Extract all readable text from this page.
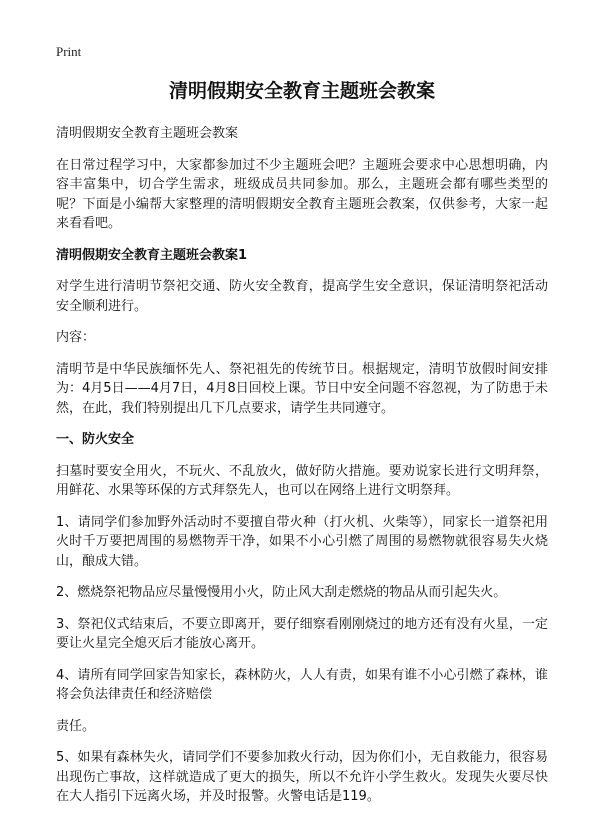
Print
清明假期安全教育主题班会教案

清明假期安全教育主题班会教案

在日常过程学习中，大家都参加过不少主题班会吧？主题班会要求中心思想明确，内容丰富集中，切合学生需求，班级成员共同参加。那么，主题班会都有哪些类型的呢？下面是小编帮大家整理的清明假期安全教育主题班会教案，仅供参考，大家一起来看看吧。

清明假期安全教育主题班会教案1

对学生进行清明节祭祀交通、防火安全教育，提高学生安全意识，保证清明祭祀活动安全顺利进行。

内容：

清明节是中华民族缅怀先人、祭祀祖先的传统节日。根据规定，清明节放假时间安排为：4月5日——4月7日，4月8日回校上课。节日中安全问题不容忽视，为了防患于未然，在此，我们特别提出几下几点要求，请学生共同遵守。

一、防火安全

扫墓时要安全用火，不玩火、不乱放火，做好防火措施。要劝说家长进行文明拜祭，用鲜花、水果等环保的方式拜祭先人，也可以在网络上进行文明祭拜。

1、请同学们参加野外活动时不要擅自带火种（打火机、火柴等），同家长一道祭祀用火时千万要把周围的易燃物弄干净，如果不小心引燃了周围的易燃物就很容易失火烧山，酿成大错。

2、燃烧祭祀物品应尽量慢慢用小火，防止风大刮走燃烧的物品从而引起失火。

3、祭祀仪式结束后，不要立即离开，要仔细察看刚刚烧过的地方还有没有火星，一定要让火星完全熄灭后才能放心离开。

4、请所有同学回家告知家长，森林防火，人人有责，如果有谁不小心引燃了森林，谁将会负法律责任和经济赔偿

责任。

5、如果有森林失火，请同学们不要参加救火行动，因为你们小，无自救能力，很容易出现伤亡事故，这样就造成了更大的损失，所以不允许小学生救火。发现失火要尽快在大人指引下远离火场，并及时报警。火警电话是119。
